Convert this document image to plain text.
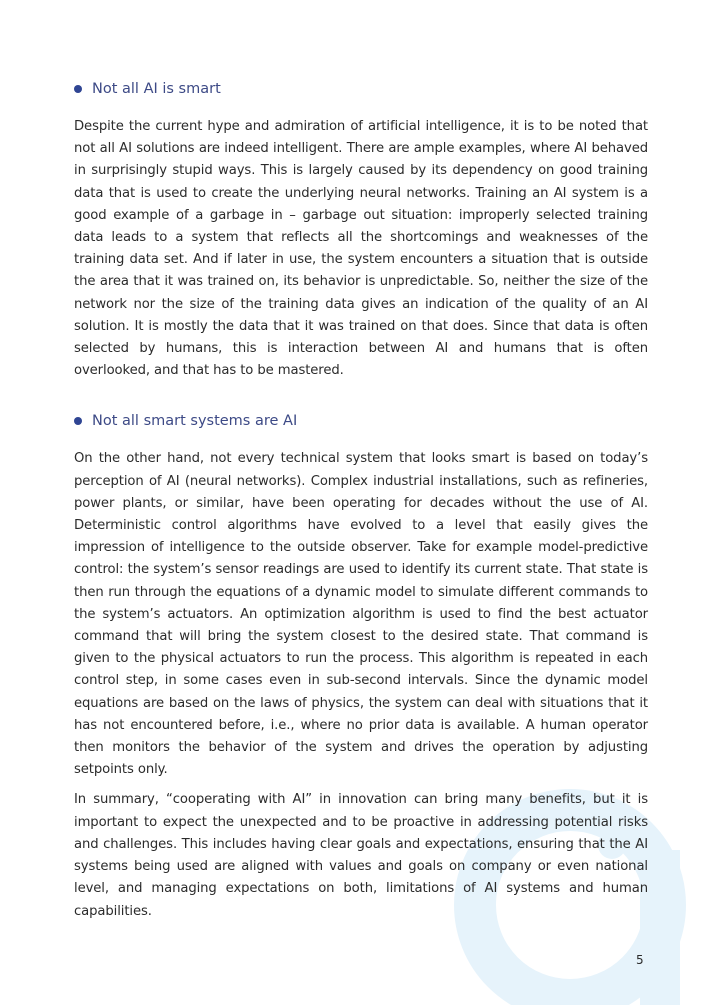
Not all AI is smart

Despite the current hype and admiration of artificial intelligence, it is to be noted that not all AI solutions are indeed intelligent. There are ample examples, where AI behaved in surprisingly stupid ways. This is largely caused by its dependency on good training data that is used to create the underlying neural networks. Training an AI system is a good example of a garbage in – garbage out situation: improperly selected training data leads to a system that reflects all the shortcomings and weaknesses of the training data set. And if later in use, the system encounters a situation that is outside the area that it was trained on, its behavior is unpredictable. So, neither the size of the network nor the size of the training data gives an indication of the quality of an AI solution. It is mostly the data that it was trained on that does. Since that data is often selected by humans, this is interaction between AI and humans that is often overlooked, and that has to be mastered.

Not all smart systems are AI

On the other hand, not every technical system that looks smart is based on today’s perception of AI (neural networks). Complex industrial installations, such as refineries, power plants, or similar, have been operating for decades without the use of AI. Deterministic control algorithms have evolved to a level that easily gives the impression of intelligence to the outside observer. Take for example model-predictive control: the system’s sensor readings are used to identify its current state. That state is then run through the equations of a dynamic model to simulate different commands to the system’s actuators. An optimization algorithm is used to find the best actuator command that will bring the system closest to the desired state. That command is given to the physical actuators to run the process. This algorithm is repeated in each control step, in some cases even in sub-second intervals. Since the dynamic model equations are based on the laws of physics, the system can deal with situations that it has not encountered before, i.e., where no prior data is available. A human operator then monitors the behavior of the system and drives the operation by adjusting setpoints only.

In summary, “cooperating with AI” in innovation can bring many benefits, but it is important to expect the unexpected and to be proactive in addressing potential risks and challenges. This includes having clear goals and expectations, ensuring that the AI systems being used are aligned with values and goals on company or even national level, and managing expectations on both, limitations of AI systems and human capabilities.

5
